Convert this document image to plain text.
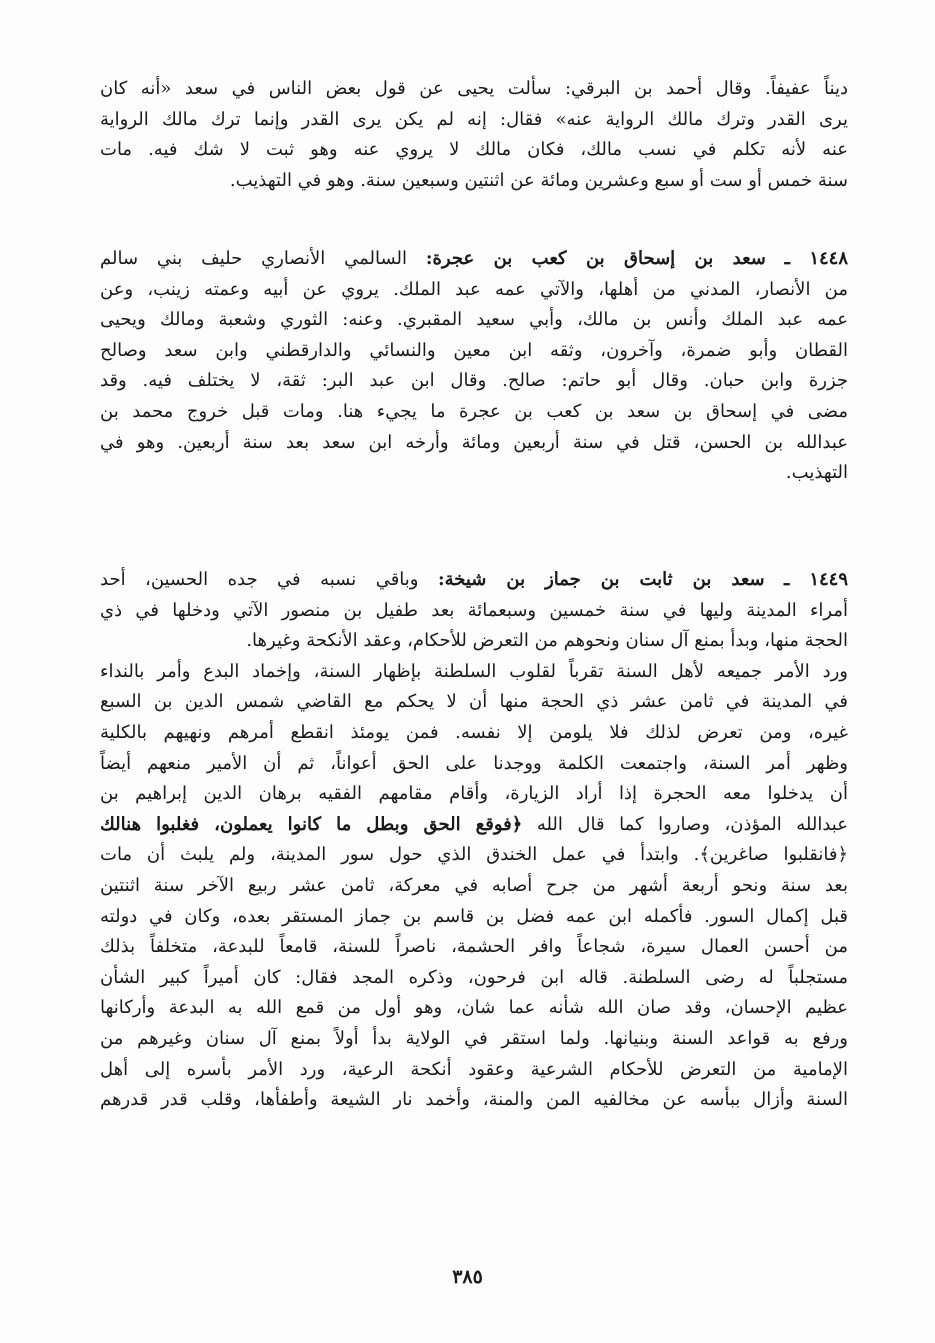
ديناً عفيفاً. وقال أحمد بن البرقي: سألت يحيى عن قول بعض الناس في سعد «أنه كان
يرى القدر وترك مالك الرواية عنه» فقال: إنه لم يكن يرى القدر وإنما ترك مالك الرواية
عنه لأنه تكلم في نسب مالك، فكان مالك لا يروي عنه وهو ثبت لا شك فيه. مات
سنة خمس أو ست أو سبع وعشرين ومائة عن اثنتين وسبعين سنة. وهو في التهذيب.
١٤٤٨ ـ سعد بن إسحاق بن كعب بن عجرة: السالمي الأنصاري حليف بني سالم
من الأنصار، المدني من أهلها، والآتي عمه عبد الملك. يروي عن أبيه وعمته زينب، وعن
عمه عبد الملك وأنس بن مالك، وأبي سعيد المقبري. وعنه: الثوري وشعبة ومالك ويحيى
القطان وأبو ضمرة، وآخرون، وثقه ابن معين والنسائي والدارقطني وابن سعد وصالح
جزرة وابن حبان. وقال أبو حاتم: صالح. وقال ابن عبد البر: ثقة، لا يختلف فيه. وقد
مضى في إسحاق بن سعد بن كعب بن عجرة ما يجيء هنا. ومات قبل خروج محمد بن
عبدالله بن الحسن، قتل في سنة أربعين ومائة وأرخه ابن سعد بعد سنة أربعين. وهو في
التهذيب.
١٤٤٩ ـ سعد بن ثابت بن جماز بن شيخة: وباقي نسبه في جده الحسين، أحد
أمراء المدينة وليها في سنة خمسين وسبعمائة بعد طفيل بن منصور الآتي ودخلها في ذي
الحجة منها، وبدأ بمنع آل سنان ونحوهم من التعرض للأحكام، وعقد الأنكحة وغيرها.
ورد الأمر جميعه لأهل السنة تقرباً لقلوب السلطنة بإظهار السنة، وإخماد البدع وأمر بالنداء
في المدينة في ثامن عشر ذي الحجة منها أن لا يحكم مع القاضي شمس الدين بن السبع
غيره، ومن تعرض لذلك فلا يلومن إلا نفسه. فمن يومئذ انقطع أمرهم ونهيهم بالكلية
وظهر أمر السنة، واجتمعت الكلمة ووجدنا على الحق أعواناً، ثم أن الأمير منعهم أيضاً
أن يدخلوا معه الحجرة إذا أراد الزيارة، وأقام مقامهم الفقيه برهان الدين إبراهيم بن
عبدالله المؤذن، وصاروا كما قال الله ﴿فوقع الحق وبطل ما كانوا يعملون، فغلبوا هنالك
﴿فانقلبوا صاغرين﴾. وابتدأ في عمل الخندق الذي حول سور المدينة، ولم يلبث أن مات
بعد سنة ونحو أربعة أشهر من جرح أصابه في معركة، ثامن عشر ربيع الآخر سنة اثنتين
قبل إكمال السور. فأكمله ابن عمه فضل بن قاسم بن جماز المستقر بعده، وكان في دولته
من أحسن العمال سيرة، شجاعاً وافر الحشمة، ناصراً للسنة، قامعاً للبدعة، متخلفاً بذلك
مستجلباً له رضى السلطنة. قاله ابن فرحون، وذكره المجد فقال: كان أميراً كبير الشأن
عظيم الإحسان، وقد صان الله شأنه عما شان، وهو أول من قمع الله به البدعة وأركانها
ورفع به قواعد السنة وبنيانها. ولما استقر في الولاية بدأ أولاً بمنع آل سنان وغيرهم من
الإمامية من التعرض للأحكام الشرعية وعقود أنكحة الرعية، ورد الأمر بأسره إلى أهل
السنة وأزال ببأسه عن مخالفيه المن والمنة، وأخمد نار الشيعة وأطفأها، وقلب قدر قدرهم
٣٨٥
